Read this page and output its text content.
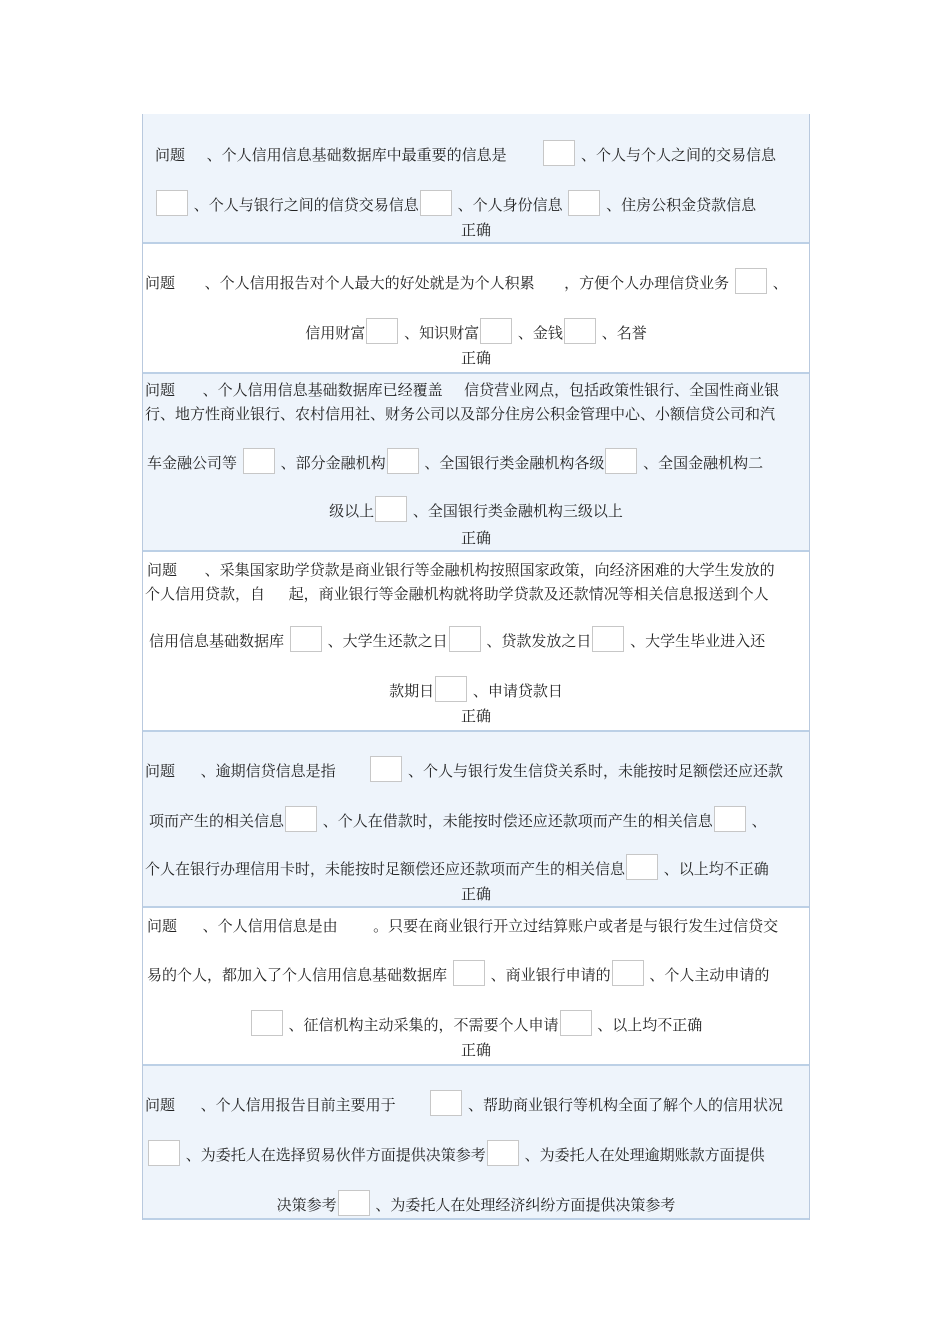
问题 、个人信用信息基础数据库中最重要的信息是	、个人与个人之间的交易信息
、个人与银行之间的信贷交易信息	、个人身份信息	、住房公积金贷款信息
正确
问题 、个人信用报告对个人最大的好处就是为个人积累 ，方便个人办理信贷业务	、
信用财富	、知识财富	、金钱	、名誉
正确
问题 、个人信用信息基础数据库已经覆盖 信贷营业网点，包括政策性银行、全国性商业银
行、地方性商业银行、农村信用社、财务公司以及部分住房公积金管理中心、小额信贷公司和汽
车金融公司等	、部分金融机构	、全国银行类金融机构各级	、全国金融机构二
级以上	、全国银行类金融机构三级以上
正确
问题 、采集国家助学贷款是商业银行等金融机构按照国家政策，向经济困难的大学生发放的
个人信用贷款，自 起，商业银行等金融机构就将助学贷款及还款情况等相关信息报送到个人
信用信息基础数据库	、大学生还款之日	、贷款发放之日	、大学生毕业进入还
款期日	、申请贷款日
正确
问题 、逾期信贷信息是指	、个人与银行发生信贷关系时，未能按时足额偿还应还款
项而产生的相关信息	、个人在借款时，未能按时偿还应还款项而产生的相关信息	、
个人在银行办理信用卡时，未能按时足额偿还应还款项而产生的相关信息	、以上均不正确
正确
问题 、个人信用信息是由 。只要在商业银行开立过结算账户或者是与银行发生过信贷交
易的个人，都加入了个人信用信息基础数据库	、商业银行申请的	、个人主动申请的
、征信机构主动采集的，不需要个人申请	、以上均不正确
正确
问题 、个人信用报告目前主要用于	、帮助商业银行等机构全面了解个人的信用状况
、为委托人在选择贸易伙伴方面提供决策参考	、为委托人在处理逾期账款方面提供
决策参考	、为委托人在处理经济纠纷方面提供决策参考
